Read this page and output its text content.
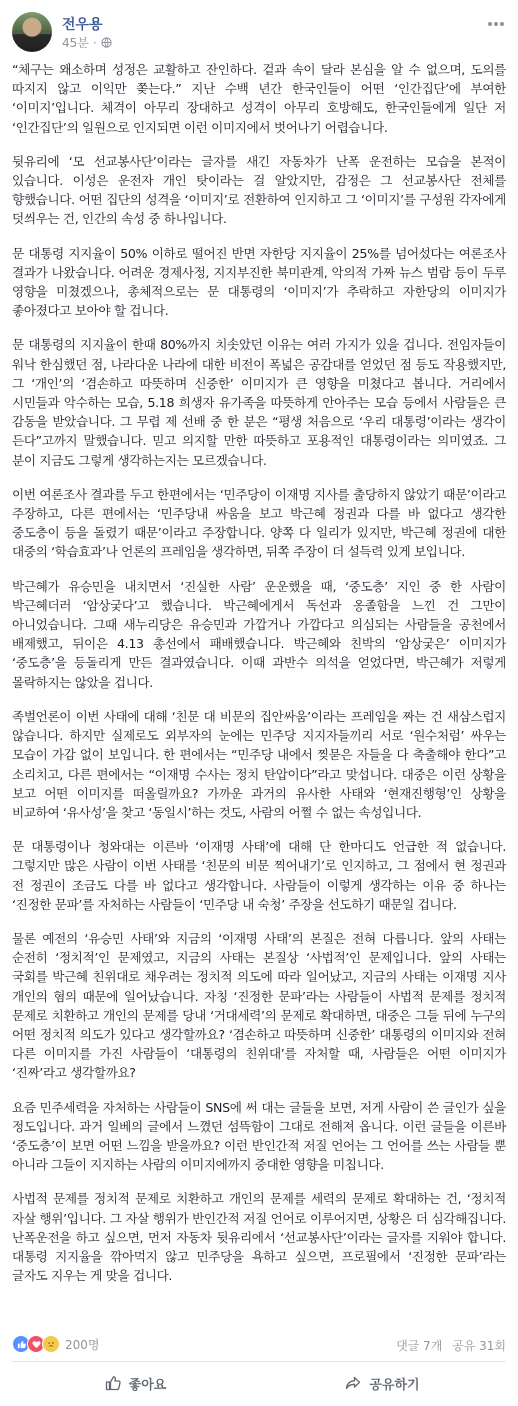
전우용
45분 ·

“체구는 왜소하며 성정은 교활하고 잔인하다. 겉과 속이 달라 본심을 알 수 없으며, 도의를 따지지 않고 이익만 쫒는다.” 지난 수백 년간 한국인들이 어떤 ‘인간집단’에 부여한 ‘이미지’입니다. 체격이 아무리 장대하고 성격이 아무리 호방해도, 한국인들에게 일단 저 ‘인간집단’의 일원으로 인지되면 이런 이미지에서 벗어나기 어렵습니다.

뒷유리에 ‘모 선교봉사단’이라는 글자를 새긴 자동차가 난폭 운전하는 모습을 본적이 있습니다. 이성은 운전자 개인 탓이라는 걸 알았지만, 감정은 그 선교봉사단 전체를 향했습니다. 어떤 집단의 성격을 ‘이미지’로 전환하여 인지하고 그 ‘이미지’를 구성원 각자에게 덧씌우는 건, 인간의 속성 중 하나입니다.

문 대통령 지지율이 50% 이하로 떨어진 반면 자한당 지지율이 25%를 넘어섰다는 여론조사 결과가 나왔습니다. 어려운 경제사정, 지지부진한 북미관계, 악의적 가짜 뉴스 범람 등이 두루 영향을 미쳤겠으나, 총체적으로는 문 대통령의 ‘이미지’가 추락하고 자한당의 이미지가 좋아졌다고 보아야 할 겁니다.

문 대통령의 지지율이 한때 80%까지 치솟았던 이유는 여러 가지가 있을 겁니다. 전임자들이 워낙 한심했던 점, 나라다운 나라에 대한 비전이 폭넓은 공감대를 얻었던 점 등도 작용했지만, 그 ‘개인’의 ‘겸손하고 따뜻하며 신중한’ 이미지가 큰 영향을 미쳤다고 봅니다. 거리에서 시민들과 악수하는 모습, 5.18 희생자 유가족을 따뜻하게 안아주는 모습 등에서 사람들은 큰 감동을 받았습니다. 그 무렵 제 선배 중 한 분은 “평생 처음으로 ‘우리 대통령’이라는 생각이 든다”고까지 말했습니다. 믿고 의지할 만한 따뜻하고 포용적인 대통령이라는 의미였죠. 그 분이 지금도 그렇게 생각하는지는 모르겠습니다.

이번 여론조사 결과를 두고 한편에서는 ‘민주당이 이재명 지사를 출당하지 않았기 때문’이라고 주장하고, 다른 편에서는 ‘민주당내 싸움을 보고 박근혜 정권과 다를 바 없다고 생각한 중도층이 등을 돌렸기 때문’이라고 주장합니다. 양쪽 다 일리가 있지만, 박근혜 정권에 대한 대중의 ‘학습효과’나 언론의 프레임을 생각하면, 뒤쪽 주장이 더 설득력 있게 보입니다.

박근혜가 유승민을 내치면서 ‘진실한 사람’ 운운했을 때, ‘중도층’ 지인 중 한 사람이 박근혜더러 ‘암상궂다’고 했습니다. 박근혜에게서 독선과 옹졸함을 느낀 건 그만이 아니었습니다. 그때 새누리당은 유승민과 가깝거나 가깝다고 의심되는 사람들을 공천에서 배제했고, 뒤이은 4.13 총선에서 패배했습니다. 박근혜와 친박의 ‘암상궂은’ 이미지가 ‘중도층’을 등돌리게 만든 결과였습니다. 이때 과반수 의석을 얻었다면, 박근혜가 저렇게 몰락하지는 않았을 겁니다.

족벌언론이 이번 사태에 대해 ‘친문 대 비문의 집안싸움’이라는 프레임을 짜는 건 새삼스럽지 않습니다. 하지만 실제로도 외부자의 눈에는 민주당 지지자들끼리 서로 ‘원수처럼’ 싸우는 모습이 가감 없이 보입니다. 한 편에서는 “민주당 내에서 찢묻은 자들을 다 축출해야 한다”고 소리치고, 다른 편에서는 “이재명 수사는 정치 탄압이다”라고 맞섭니다. 대중은 이런 상황을 보고 어떤 이미지를 떠올릴까요? 가까운 과거의 유사한 사태와 ‘현재진행형’인 상황을 비교하여 ‘유사성’을 찾고 ‘동일시’하는 것도, 사람의 어쩔 수 없는 속성입니다.

문 대통령이나 청와대는 이른바 ‘이재명 사태’에 대해 단 한마디도 언급한 적 없습니다. 그렇지만 많은 사람이 이번 사태를 ‘친문의 비문 찍어내기’로 인지하고, 그 점에서 현 정권과 전 정권이 조금도 다를 바 없다고 생각합니다. 사람들이 이렇게 생각하는 이유 중 하나는 ‘진정한 문파’를 자처하는 사람들이 ‘민주당 내 숙청’ 주장을 선도하기 때문일 겁니다.

물론 예전의 ‘유승민 사태’와 지금의 ‘이재명 사태’의 본질은 전혀 다릅니다. 앞의 사태는 순전히 ‘정치적’인 문제였고, 지금의 사태는 본질상 ‘사법적’인 문제입니다. 앞의 사태는 국회를 박근혜 친위대로 채우려는 정치적 의도에 따라 일어났고, 지금의 사태는 이재명 지사 개인의 혐의 때문에 일어났습니다. 자칭 ‘진정한 문파’라는 사람들이 사법적 문제를 정치적 문제로 치환하고 개인의 문제를 당내 ‘거대세력’의 문제로 확대하면, 대중은 그들 뒤에 누구의 어떤 정치적 의도가 있다고 생각할까요? ‘겸손하고 따뜻하며 신중한’ 대통령의 이미지와 전혀 다른 이미지를 가진 사람들이 ‘대통령의 친위대’를 자처할 때, 사람들은 어떤 이미지가 ‘진짜’라고 생각할까요?

요즘 민주세력을 자처하는 사람들이 SNS에 써 대는 글들을 보면, 저게 사람이 쓴 글인가 싶을 정도입니다. 과거 일베의 글에서 느꼈던 섬뜩함이 그대로 전해져 옵니다. 이런 글들을 이른바 ‘중도층’이 보면 어떤 느낌을 받을까요? 이런 반인간적 저질 언어는 그 언어를 쓰는 사람들 뿐 아니라 그들이 지지하는 사람의 이미지에까지 중대한 영향을 미칩니다.

사법적 문제를 정치적 문제로 치환하고 개인의 문제를 세력의 문제로 확대하는 건, ‘정치적 자살 행위’입니다. 그 자살 행위가 반인간적 저질 언어로 이루어지면, 상황은 더 심각해집니다. 난폭운전을 하고 싶으면, 먼저 자동차 뒷유리에서 ‘선교봉사단’이라는 글자를 지워야 합니다. 대통령 지지율을 깎아먹지 않고 민주당을 욕하고 싶으면, 프로필에서 ‘진정한 문파’라는 글자도 지우는 게 맞을 겁니다.

200명	댓글 7개 공유 31회
좋아요	공유하기
